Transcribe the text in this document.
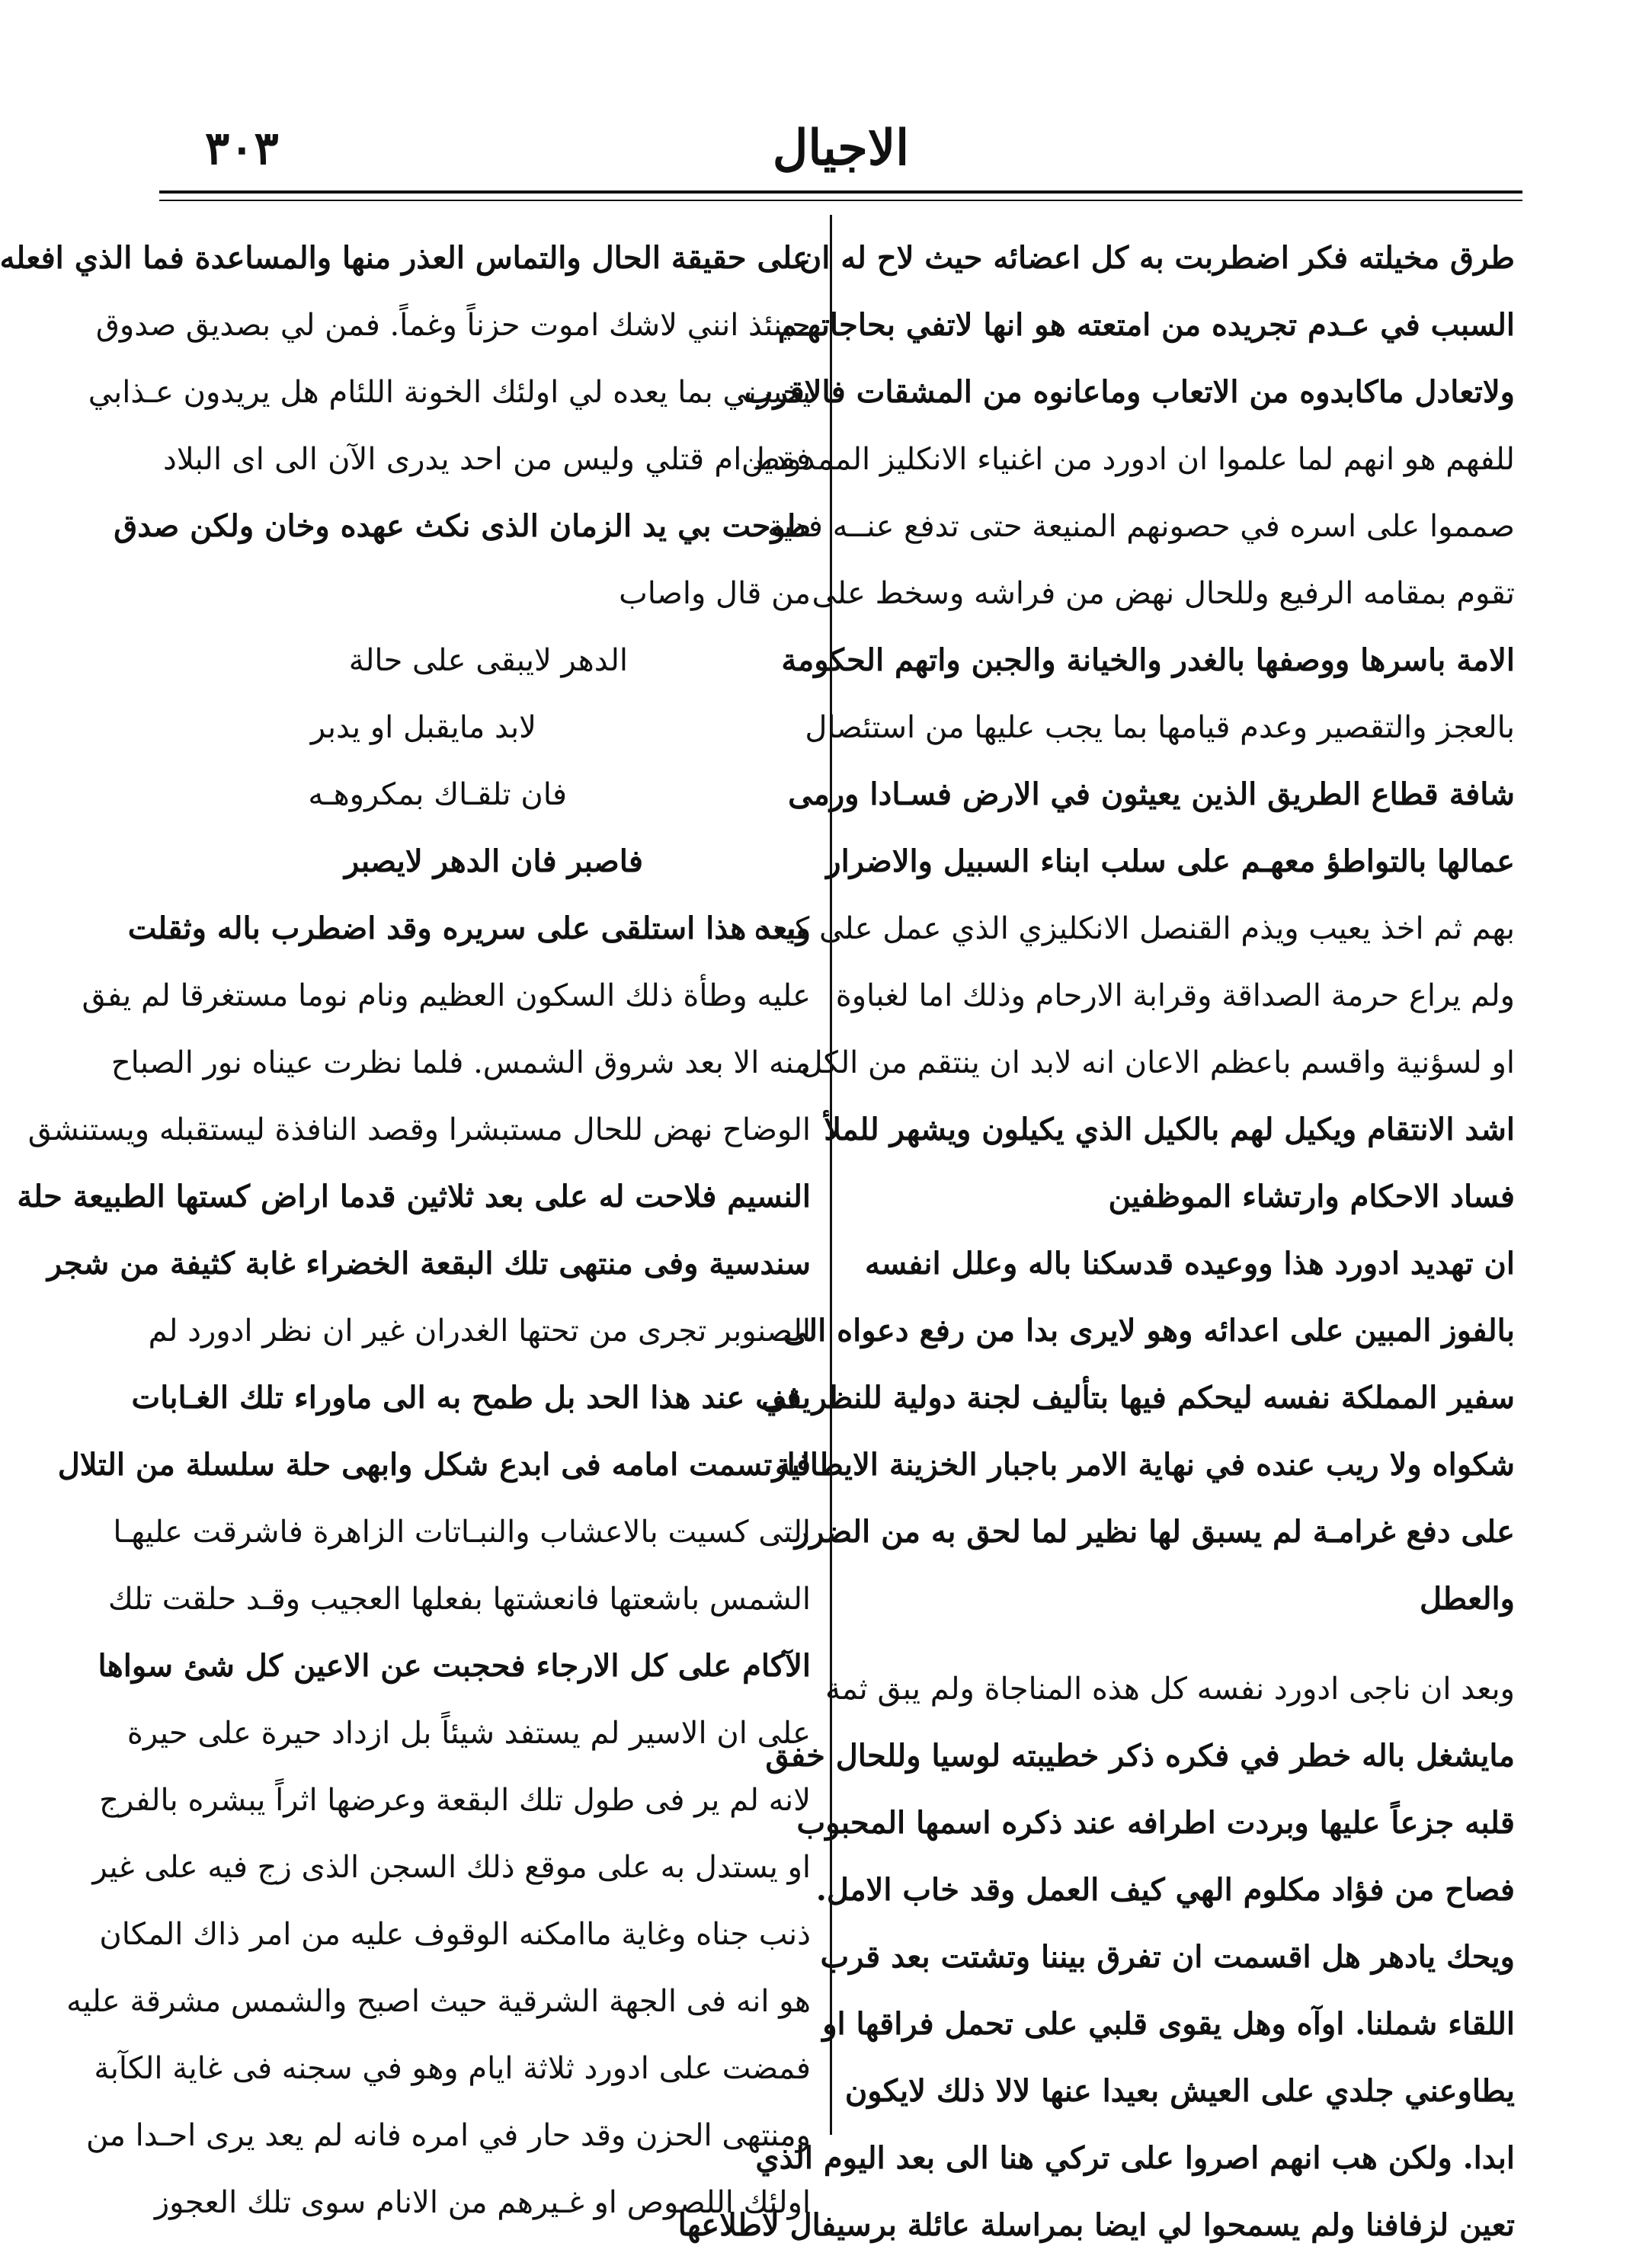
الاجيال
٣٠٣
طرق مخيلته فكر اضطربت به كل اعضائه حيث لاح له ان
السبب في عـدم تجريده من امتعته هو انها لاتفي بحاجاتهـم
ولاتعادل ماكابدوه من الاتعاب وماعانوه من المشقات فالاقرب
للفهم هو انهم لما علموا ان ادورد من اغنياء الانكليز الممدودين
صمموا على اسره في حصونهم المنيعة حتى تدفع عنــه فدية
تقوم بمقامه الرفيع وللحال نهض من فراشه وسخط على
الامة باسرها ووصفها بالغدر والخيانة والجبن واتهم الحكومة
بالعجز والتقصير وعدم قيامها بما يجب عليها من استئصال
شافة قطاع الطريق الذين يعيثون في الارض فسـادا ورمى
عمالها بالتواطؤ معهـم على سلب ابناء السبيل والاضرار
بهم ثم اخذ يعيب ويذم القنصل الانكليزي الذي عمل على كيده
ولم يراع حرمة الصداقة وقرابة الارحام وذلك اما لغباوة
او لسؤنية واقسم باعظم الاعان انه لابد ان ينتقم من الكل
اشد الانتقام ويكيل لهم بالكيل الذي يكيلون ويشهر للملأ
فساد الاحكام وارتشاء الموظفين
ان تهديد ادورد هذا ووعيده قدسكنا باله وعلل انفسه
بالفوز المبين على اعدائه وهو لايرى بدا من رفع دعواه الى
سفير المملكة نفسه ليحكم فيها بتأليف لجنة دولية للنظر في
شكواه ولا ريب عنده في نهاية الامر باجبار الخزينة الايطالية
على دفع غرامـة لم يسبق لها نظير لما لحق به من الضرر
والعطل
وبعد ان ناجى ادورد نفسه كل هذه المناجاة ولم يبق ثمة
مايشغل باله خطر في فكره ذكر خطيبته لوسيا وللحال خفق
قلبه جزعاً عليها وبردت اطرافه عند ذكره اسمها المحبوب
فصاح من فؤاد مكلوم الهي كيف العمل وقد خاب الامل.
ويحك يادهر هل اقسمت ان تفرق بيننا وتشتت بعد قرب
اللقاء شملنا. اوآه وهل يقوى قلبي على تحمل فراقها او
يطاوعني جلدي على العيش بعيدا عنها لالا ذلك لايكون
ابدا. ولكن هب انهم اصروا على تركي هنا الى بعد اليوم الذي
تعين لزفافنا ولم يسمحوا لي ايضا بمراسلة عائلة برسيفال لاطلاعها
على حقيقة الحال والتماس العذر منها والمساعدة فما الذي افعله
حينئذ انني لاشك اموت حزناً وغماً. فمن لي بصديق صدوق
يخبرني بما يعده لي اولئك الخونة اللئام هل يريدون عـذابي
فقط ام قتلي وليس من احد يدرى الآن الى اى البلاد
طوحت بي يد الزمان الذى نكث عهده وخان ولكن صدق
من قال واصاب
الدهر لايبقى على حالة
لابد مايقبل او يدبر
فان تلقـاك بمكروهـه
فاصبر فان الدهر لايصبر
وبعد هذا استلقى على سريره وقد اضطرب باله وثقلت
عليه وطأة ذلك السكون العظيم ونام نوما مستغرقا لم يفق
منه الا بعد شروق الشمس. فلما نظرت عيناه نور الصباح
الوضاح نهض للحال مستبشرا وقصد النافذة ليستقبله ويستنشق
النسيم فلاحت له على بعد ثلاثين قدما اراض كستها الطبيعة حلة
سندسية وفى منتهى تلك البقعة الخضراء غابة كثيفة من شجر
الصنوبر تجرى من تحتها الغدران غير ان نظر ادورد لم
يقف عند هذا الحد بل طمح به الى ماوراء تلك الغـابات
فارتسمت امامه فى ابدع شكل وابهى حلة سلسلة من التلال
التى كسيت بالاعشاب والنبـاتات الزاهرة فاشرقت عليهـا
الشمس باشعتها فانعشتها بفعلها العجيب وقـد حلقت تلك
الآكام على كل الارجاء فحجبت عن الاعين كل شئ سواها
على ان الاسير لم يستفد شيئاً بل ازداد حيرة على حيرة
لانه لم ير فى طول تلك البقعة وعرضها اثراً يبشره بالفرج
او يستدل به على موقع ذلك السجن الذى زج فيه على غير
ذنب جناه وغاية ماامكنه الوقوف عليه من امر ذاك المكان
هو انه فى الجهة الشرقية حيث اصبح والشمس مشرقة عليه
فمضت على ادورد ثلاثة ايام وهو في سجنه فى غاية الكآبة
ومنتهى الحزن وقد حار في امره فانه لم يعد يرى احـدا من
اولئك اللصوص او غـيرهم من الانام سوى تلك العجوز
